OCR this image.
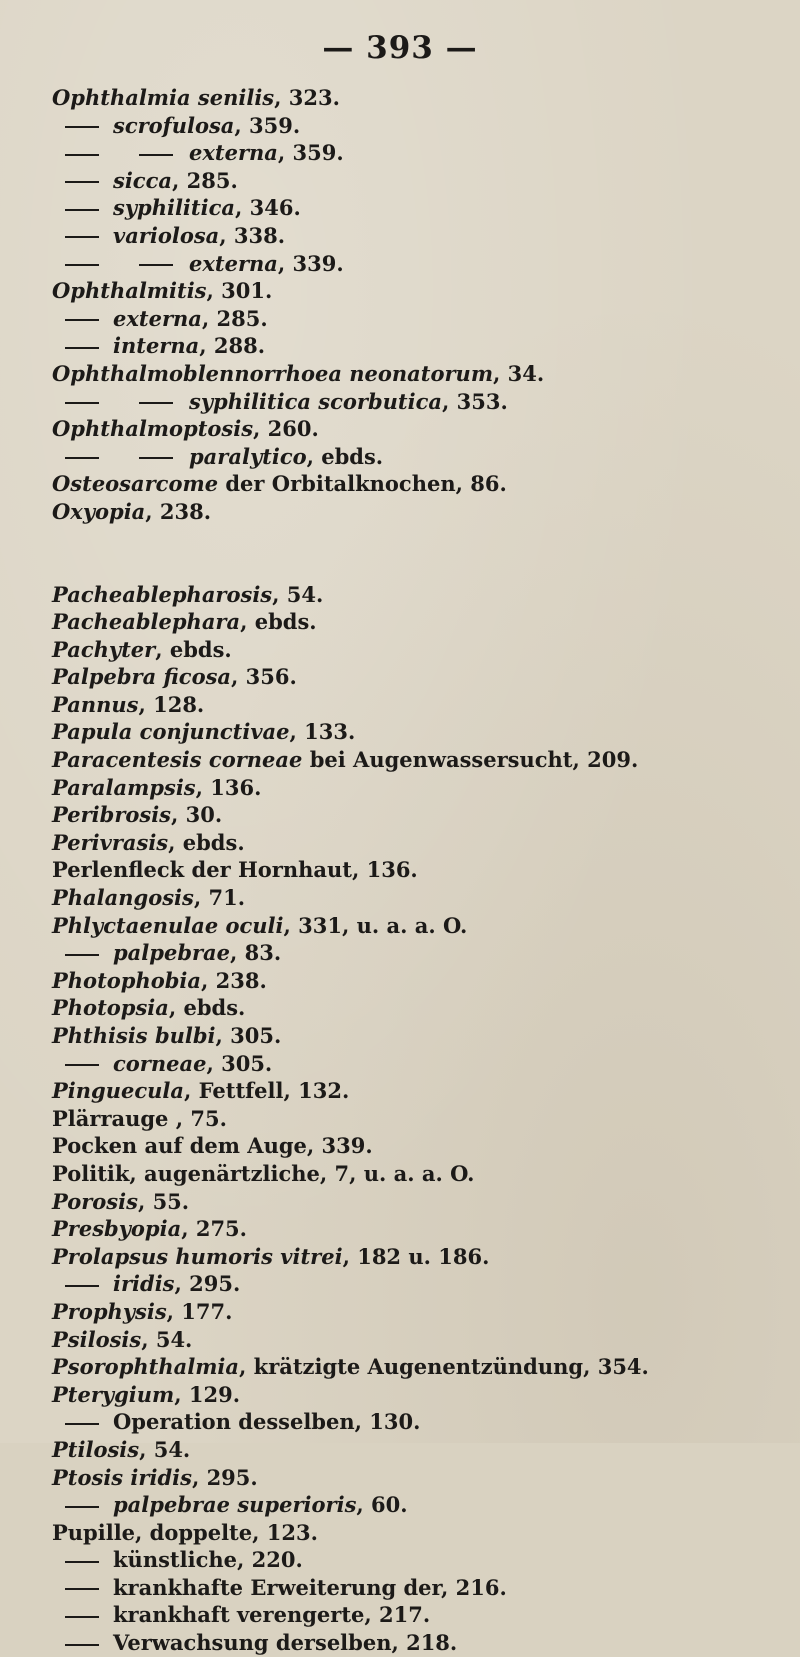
— 393 —
Ophthalmia senilis, 323.
scrofulosa, 359.
externa, 359.
sicca, 285.
syphilitica, 346.
variolosa, 338.
externa, 339.
Ophthalmitis, 301.
externa, 285.
interna, 288.
Ophthalmoblennorrhoea neonatorum, 34.
syphilitica scorbutica, 353.
Ophthalmoptosis, 260.
paralytico, ebds.
Osteosarcome der Orbitalknochen, 86.
Oxyopia, 238.
Pacheablepharosis, 54.
Pacheablephara, ebds.
Pachyter, ebds.
Palpebra ficosa, 356.
Pannus, 128.
Papula conjunctivae, 133.
Paracentesis corneae bei Augenwassersucht, 209.
Paralampsis, 136.
Peribrosis, 30.
Perivrasis, ebds.
Perlenfleck der Hornhaut, 136.
Phalangosis, 71.
Phlyctaenulae oculi, 331, u. a. a. O.
palpebrae, 83.
Photophobia, 238.
Photopsia, ebds.
Phthisis bulbi, 305.
corneae, 305.
Pinguecula, Fettfell, 132.
Plärrauge , 75.
Pocken auf dem Auge, 339.
Politik, augenärtzliche, 7, u. a. a. O.
Porosis, 55.
Presbyopia, 275.
Prolapsus humoris vitrei, 182 u. 186.
iridis, 295.
Prophysis, 177.
Psilosis, 54.
Psorophthalmia, krätzigte Augenentzündung, 354.
Pterygium, 129.
Operation desselben, 130.
Ptilosis, 54.
Ptosis iridis, 295.
palpebrae superioris, 60.
Pupille, doppelte, 123.
künstliche, 220.
krankhafte Erweiterung der, 216.
krankhaft verengerte, 217.
Verwachsung derselben, 218.
